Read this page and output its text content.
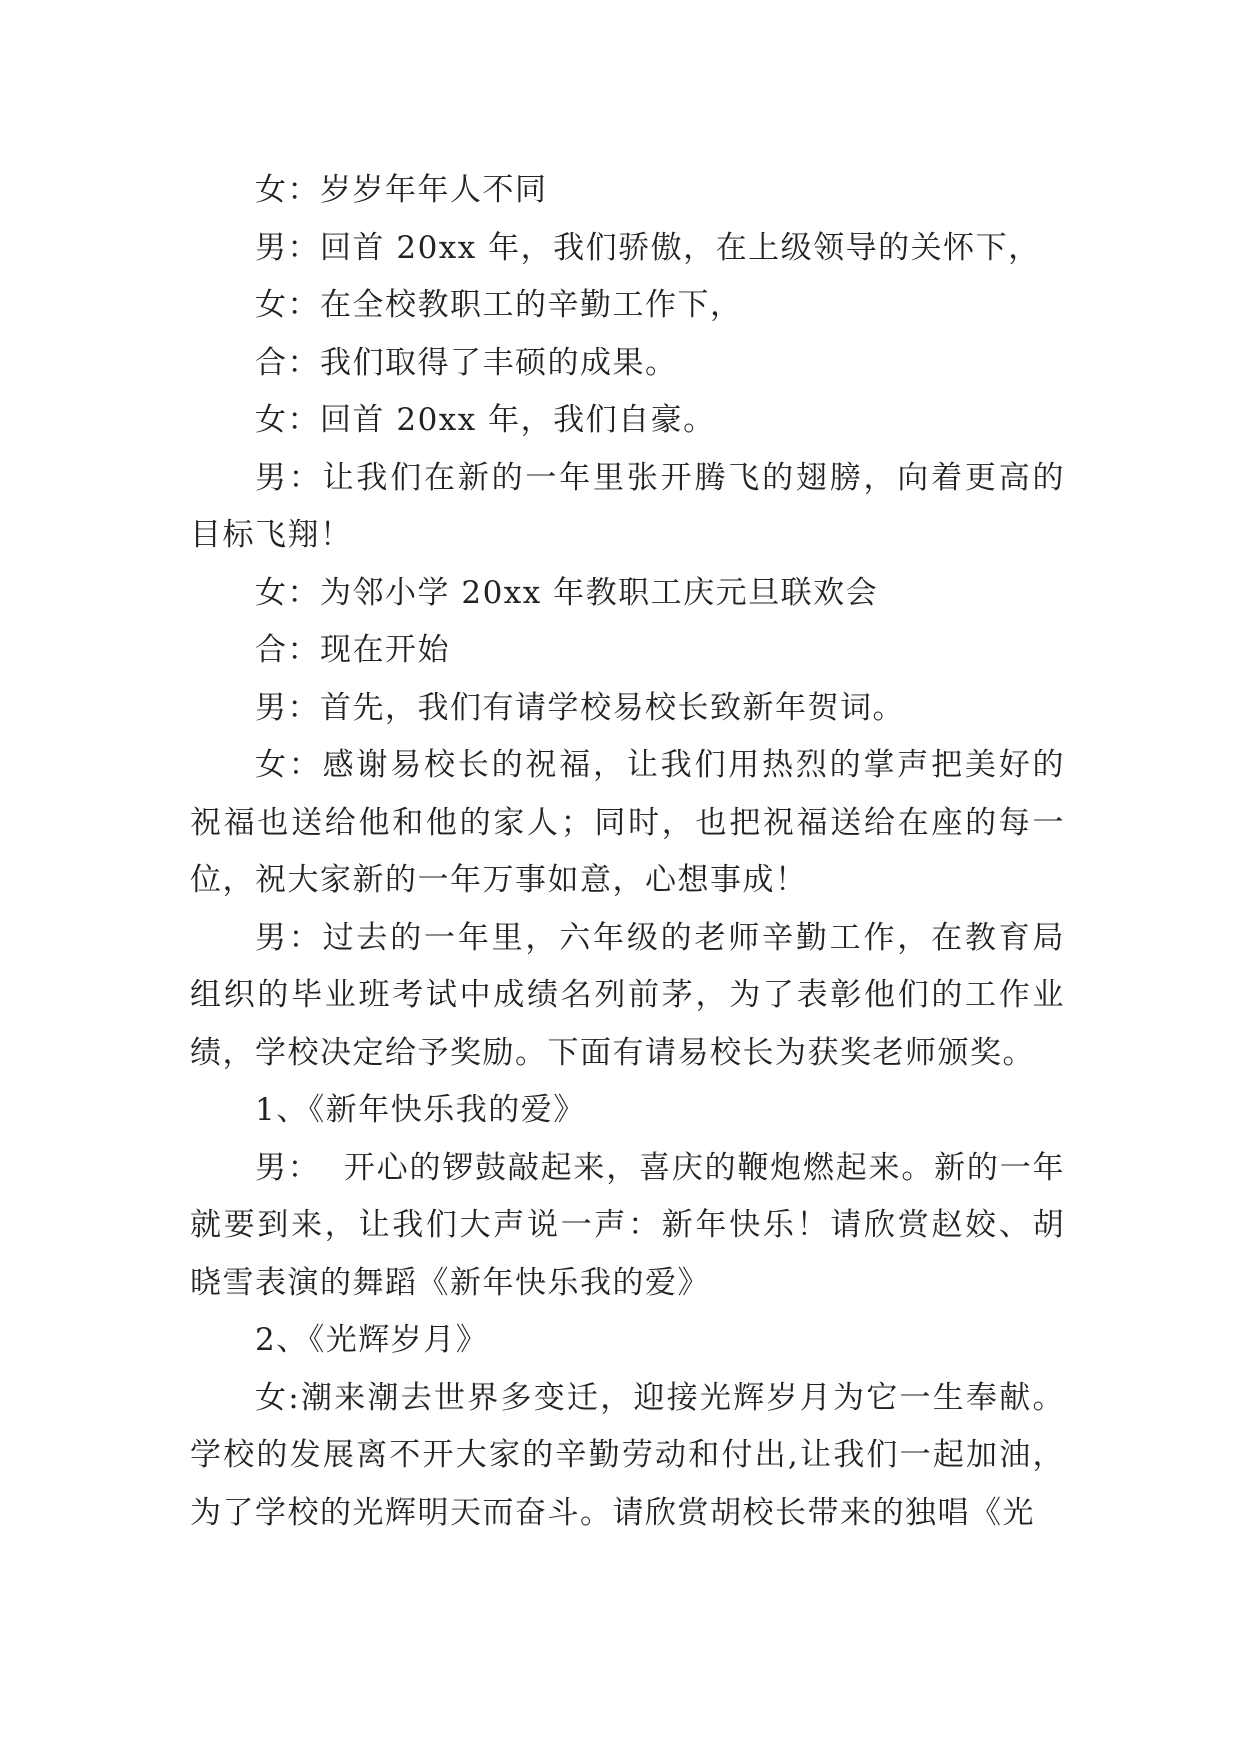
女：岁岁年年人不同

男：回首 20xx 年，我们骄傲，在上级领导的关怀下，

女：在全校教职工的辛勤工作下，

合：我们取得了丰硕的成果。

女：回首 20xx 年，我们自豪。

男：让我们在新的一年里张开腾飞的翅膀，向着更高的目标飞翔！

女：为邻小学 20xx 年教职工庆元旦联欢会

合：现在开始

男：首先，我们有请学校易校长致新年贺词。

女：感谢易校长的祝福，让我们用热烈的掌声把美好的祝福也送给他和他的家人；同时，也把祝福送给在座的每一位，祝大家新的一年万事如意，心想事成！

男：过去的一年里，六年级的老师辛勤工作，在教育局组织的毕业班考试中成绩名列前茅，为了表彰他们的工作业绩，学校决定给予奖励。下面有请易校长为获奖老师颁奖。

1、《新年快乐我的爱》

男：  开心的锣鼓敲起来，喜庆的鞭炮燃起来。新的一年就要到来，让我们大声说一声：新年快乐！请欣赏赵姣、胡晓雪表演的舞蹈《新年快乐我的爱》

2、《光辉岁月》

女:潮来潮去世界多变迁，迎接光辉岁月为它一生奉献。学校的发展离不开大家的辛勤劳动和付出,让我们一起加油，为了学校的光辉明天而奋斗。请欣赏胡校长带来的独唱《光
